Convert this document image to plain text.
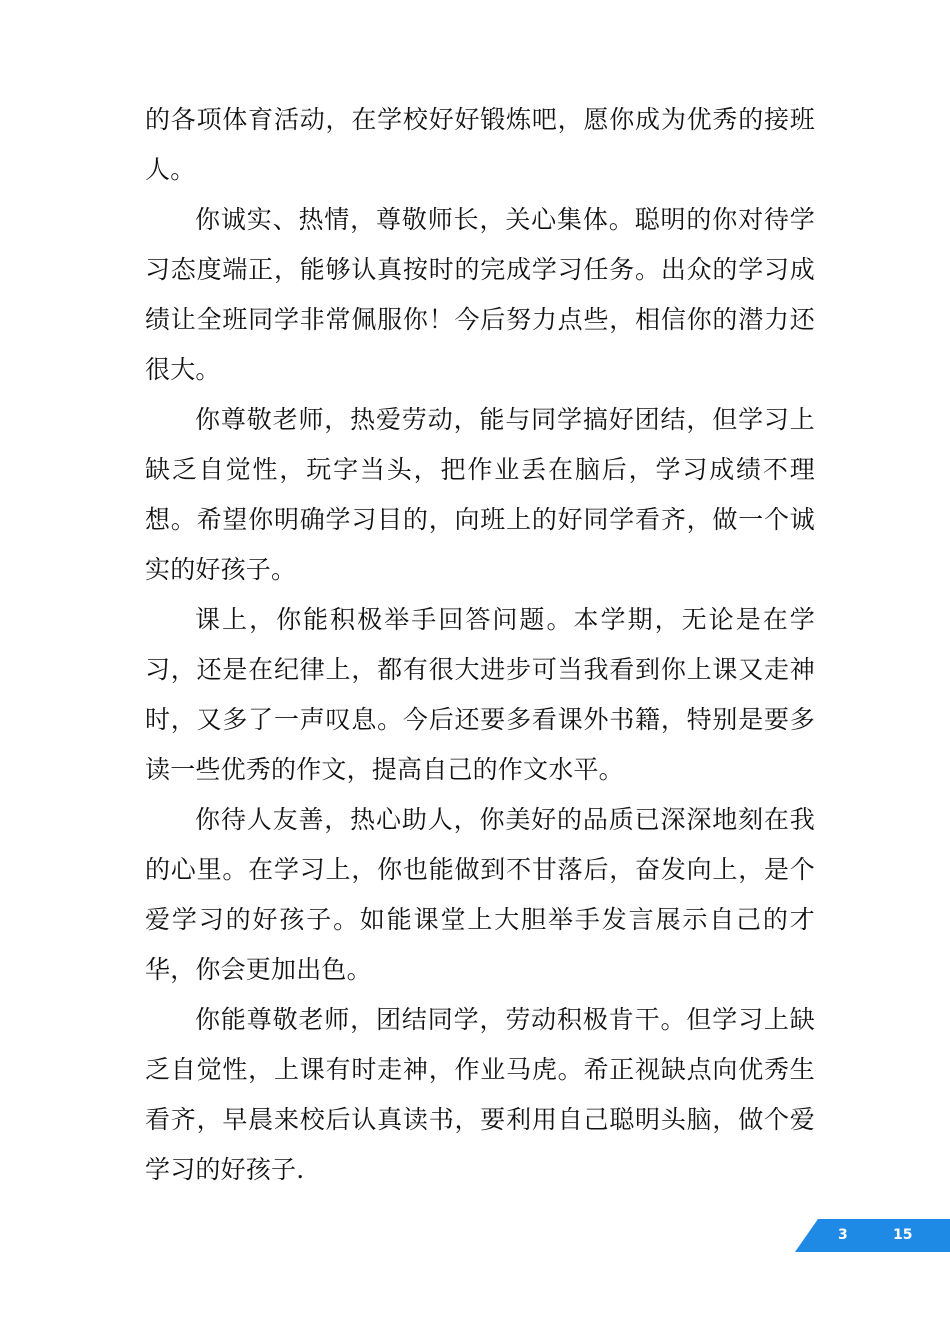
的各项体育活动，在学校好好锻炼吧，愿你成为优秀的接班人。

你诚实、热情，尊敬师长，关心集体。聪明的你对待学习态度端正，能够认真按时的完成学习任务。出众的学习成绩让全班同学非常佩服你！今后努力点些，相信你的潜力还很大。

你尊敬老师，热爱劳动，能与同学搞好团结，但学习上缺乏自觉性，玩字当头，把作业丢在脑后，学习成绩不理想。希望你明确学习目的，向班上的好同学看齐，做一个诚实的好孩子。

课上，你能积极举手回答问题。本学期，无论是在学习，还是在纪律上，都有很大进步可当我看到你上课又走神时，又多了一声叹息。今后还要多看课外书籍，特别是要多读一些优秀的作文，提高自己的作文水平。

你待人友善，热心助人，你美好的品质已深深地刻在我的心里。在学习上，你也能做到不甘落后，奋发向上，是个爱学习的好孩子。如能课堂上大胆举手发言展示自己的才华，你会更加出色。

你能尊敬老师，团结同学，劳动积极肯干。但学习上缺乏自觉性，上课有时走神，作业马虎。希正视缺点向优秀生看齐，早晨来校后认真读书，要利用自己聪明头脑，做个爱学习的好孩子.

3	15
